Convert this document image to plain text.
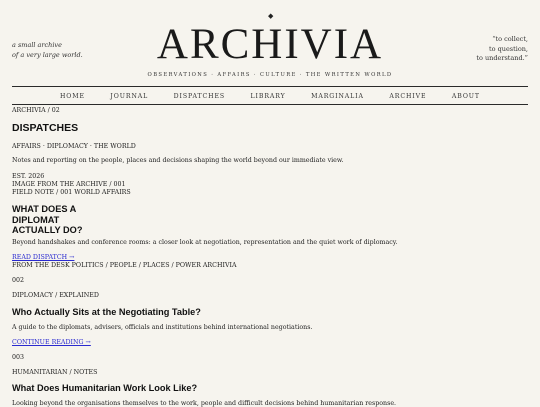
a small archive
of a very large world.
◆
ARCHIVIA	“to collect,
to question,
to understand.”
OBSERVATIONS · AFFAIRS · CULTURE · THE WRITTEN WORLD
HOME	JOURNAL	DISPATCHES	LIBRARY	MARGINALIA	ARCHIVE	ABOUT
ARCHIVIA / 02
DISPATCHES
AFFAIRS · DIPLOMACY · THE WORLD
Notes and reporting on the people, places and decisions shaping the world beyond our immediate view.
EST. 2026
IMAGE FROM THE ARCHIVE / 001
FIELD NOTE / 001 WORLD AFFAIRS
WHAT DOES A
DIPLOMAT
ACTUALLY DO?
Beyond handshakes and conference rooms: a closer look at negotiation, representation and the quiet work of diplomacy.
READ DISPATCH →
FROM THE DESK POLITICS / PEOPLE / PLACES / POWER ARCHIVIA
002
DIPLOMACY / EXPLAINED
Who Actually Sits at the Negotiating Table?
A guide to the diplomats, advisers, officials and institutions behind international negotiations.
CONTINUE READING →
003
HUMANITARIAN / NOTES
What Does Humanitarian Work Look Like?
Looking beyond the organisations themselves to the work, people and difficult decisions behind humanitarian response.
